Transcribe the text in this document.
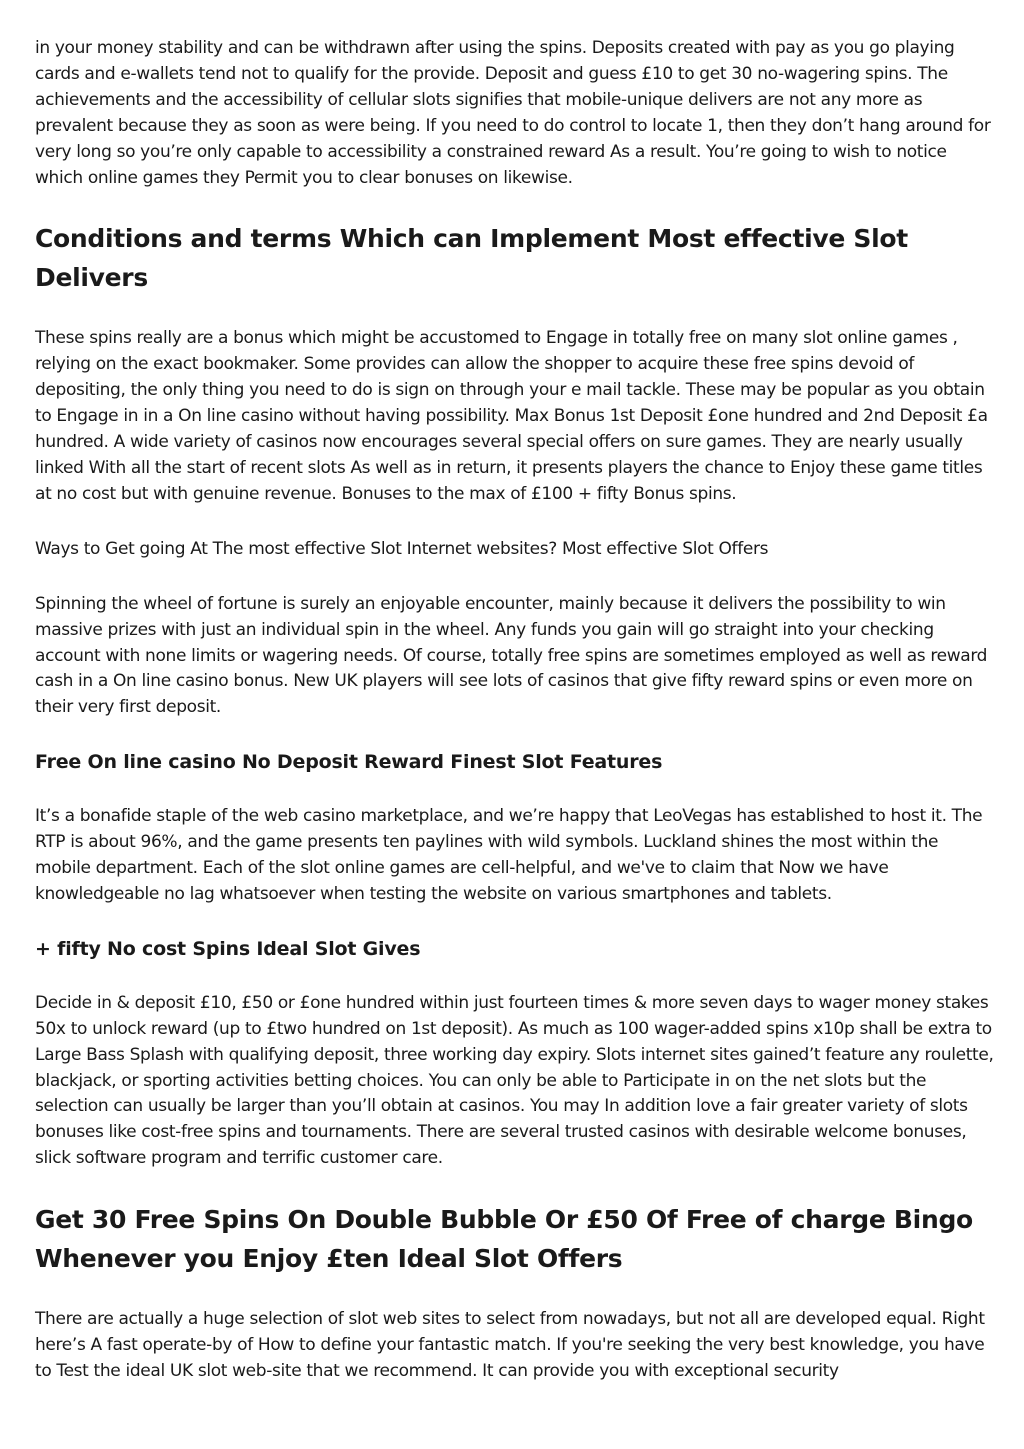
in your money stability and can be withdrawn after using the spins. Deposits created with pay as you go playing cards and e-wallets tend not to qualify for the provide. Deposit and guess £10 to get 30 no-wagering spins. The achievements and the accessibility of cellular slots signifies that mobile-unique delivers are not any more as prevalent because they as soon as were being. If you need to do control to locate 1, then they don’t hang around for very long so you’re only capable to accessibility a constrained reward As a result. You’re going to wish to notice which online games they Permit you to clear bonuses on likewise.

Conditions and terms Which can Implement Most effective Slot Delivers

These spins really are a bonus which might be accustomed to Engage in totally free on many slot online games , relying on the exact bookmaker. Some provides can allow the shopper to acquire these free spins devoid of depositing, the only thing you need to do is sign on through your e mail tackle. These may be popular as you obtain to Engage in in a On line casino without having possibility. Max Bonus 1st Deposit £one hundred and 2nd Deposit £a hundred. A wide variety of casinos now encourages several special offers on sure games. They are nearly usually linked With all the start of recent slots As well as in return, it presents players the chance to Enjoy these game titles at no cost but with genuine revenue. Bonuses to the max of £100 + fifty Bonus spins.

Ways to Get going At The most effective Slot Internet websites? Most effective Slot Offers

Spinning the wheel of fortune is surely an enjoyable encounter, mainly because it delivers the possibility to win massive prizes with just an individual spin in the wheel. Any funds you gain will go straight into your checking account with none limits or wagering needs. Of course, totally free spins are sometimes employed as well as reward cash in a On line casino bonus. New UK players will see lots of casinos that give fifty reward spins or even more on their very first deposit.

Free On line casino No Deposit Reward Finest Slot Features

It’s a bonafide staple of the web casino marketplace, and we’re happy that LeoVegas has established to host it. The RTP is about 96%, and the game presents ten paylines with wild symbols. Luckland shines the most within the mobile department. Each of the slot online games are cell-helpful, and we've to claim that Now we have knowledgeable no lag whatsoever when testing the website on various smartphones and tablets.

+ fifty No cost Spins Ideal Slot Gives

Decide in & deposit £10, £50 or £one hundred within just fourteen times & more seven days to wager money stakes 50x to unlock reward (up to £two hundred on 1st deposit). As much as 100 wager-added spins x10p shall be extra to Large Bass Splash with qualifying deposit, three working day expiry. Slots internet sites gained’t feature any roulette, blackjack, or sporting activities betting choices. You can only be able to Participate in on the net slots but the selection can usually be larger than you’ll obtain at casinos. You may In addition love a fair greater variety of slots bonuses like cost-free spins and tournaments. There are several trusted casinos with desirable welcome bonuses, slick software program and terrific customer care.

Get 30 Free Spins On Double Bubble Or £50 Of Free of charge Bingo Whenever you Enjoy £ten Ideal Slot Offers

There are actually a huge selection of slot web sites to select from nowadays, but not all are developed equal. Right here’s A fast operate-by of How to define your fantastic match. If you're seeking the very best knowledge, you have to Test the ideal UK slot web-site that we recommend. It can provide you with exceptional security
